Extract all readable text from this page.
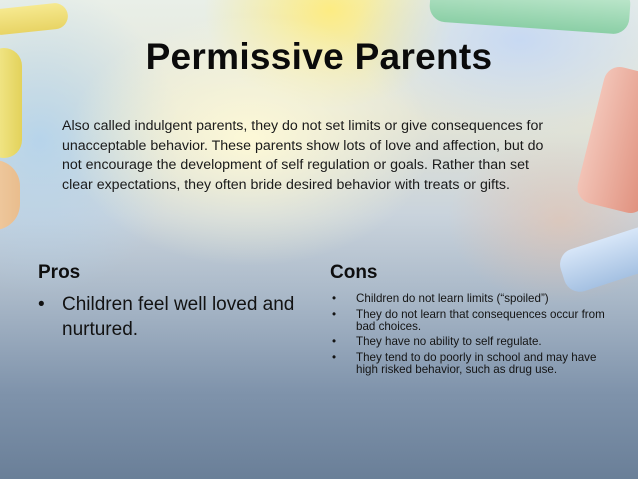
Permissive Parents
Also called indulgent parents, they do not set limits or give consequences for unacceptable behavior. These parents show lots of love and affection, but do not encourage the development of self regulation or goals. Rather than set clear expectations, they often bride desired behavior with treats or gifts.
Pros
• Children feel well loved and nurtured.
Cons
• Children do not learn limits (“spoiled”)
• They do not learn that consequences occur from bad choices.
• They have no ability to self regulate.
• They tend to do poorly in school and may have high risked behavior, such as drug use.
